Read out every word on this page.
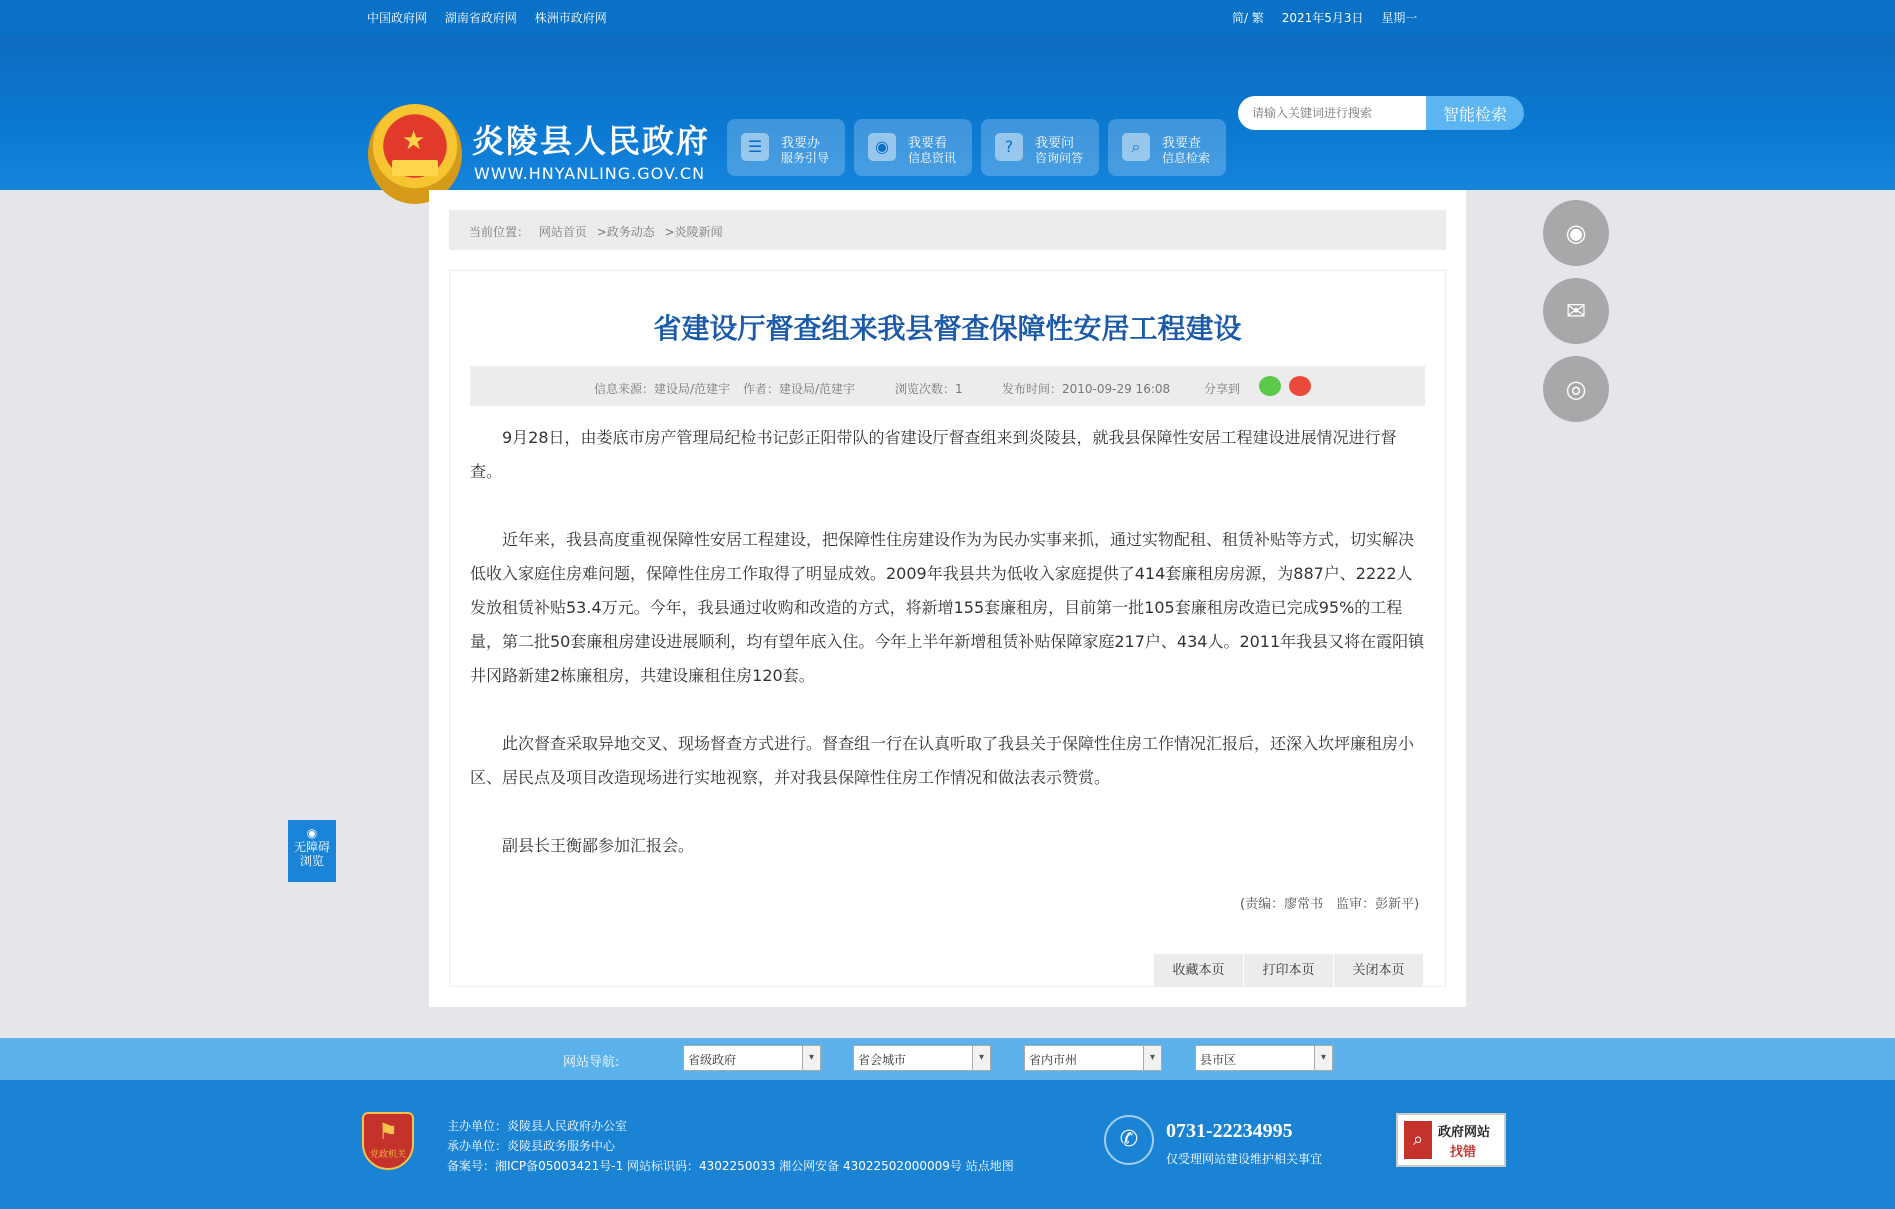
中国政府网 湖南省政府网 株洲市政府网	简/ 繁 2021年5月3日 星期一
★ 炎陵县人民政府
WWW.HNYANLING.GOV.CN
☰	我要办
服务引导
◉	我要看
信息资讯
?	我要问
咨询问答
⌕	我要查
信息检索
请输入关键词进行搜索
智能检索
当前位置： 网站首页 >政务动态 >炎陵新闻
省建设厅督查组来我县督查保障性安居工程建设
信息来源：建设局/范建宇 作者：建设局/范建宇	浏览次数：1	发布时间：2010-09-29 16:08	分享到

9月28日，由娄底市房产管理局纪检书记彭正阳带队的省建设厅督查组来到炎陵县，就我县保障性安居工程建设进展情况进行督查。

近年来，我县高度重视保障性安居工程建设，把保障性住房建设作为为民办实事来抓，通过实物配租、租赁补贴等方式，切实解决低收入家庭住房难问题，保障性住房工作取得了明显成效。2009年我县共为低收入家庭提供了414套廉租房房源，为887户、2222人发放租赁补贴53.4万元。今年，我县通过收购和改造的方式，将新增155套廉租房，目前第一批105套廉租房改造已完成95%的工程量，第二批50套廉租房建设进展顺利，均有望年底入住。今年上半年新增租赁补贴保障家庭217户、434人。2011年我县又将在霞阳镇井冈路新建2栋廉租房，共建设廉租住房120套。

此次督查采取异地交叉、现场督查方式进行。督查组一行在认真听取了我县关于保障性住房工作情况汇报后，还深入坎坪廉租房小区、居民点及项目改造现场进行实地视察，并对我县保障性住房工作情况和做法表示赞赏。

副县长王衡鄙参加汇报会。

(责编：廖常书　监审：彭新平)
收藏本页	打印本页	关闭本页
◉
✉
◎
◉
无障碍
浏览
网站导航:	省级政府	▾	省会城市	▾	省内市州	▾	县市区	▾
⚑
党政机关
主办单位：炎陵县人民政府办公室
承办单位：炎陵县政务服务中心
备案号：湘ICP备05003421号-1 网站标识码：4302250033 湘公网安备 43022502000009号 站点地图
✆	0731-22234995
仅受理网站建设维护相关事宜
⌕	政府网站
找错
